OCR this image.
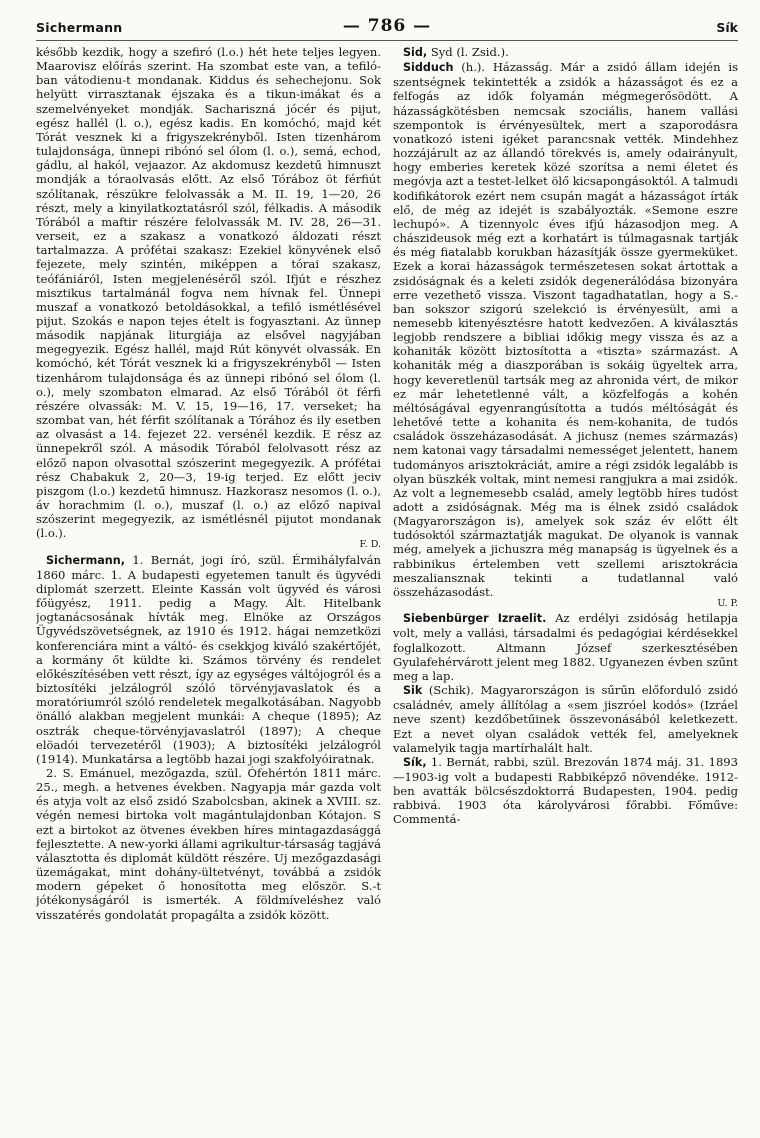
Sichermann	— 786 —	Sík

később kezdik, hogy a szefiró (l.o.) hét hete teljes legyen. Maarovisz előírás szerint. Ha szombat este van, a tefiló-ban vátodienu-t mondanak. Kiddus és sehechejonu. Sok helyütt virrasztanak éjszaka és a tikun-imákat és a szemelvényeket mondják. Sachariszná jócér és pijut, egész hallél (l. o.), egész kadis. En komóchó, majd két Tórát vesznek ki a frigyszekrényből. Isten tizenhárom tulajdonsága, ünnepi ribónó sel ólom (l. o.), semá, echod, gádlu, al hakól, vejaazor. Az akdomusz kezdetű himnuszt mondják a tóraolvasás előtt. Az első Tóráboz öt férfiút szólítanak, részükre felolvassák a M. II. 19, 1—20, 26 részt, mely a kinyilatkoztatásról szól, félkadis. A második Tórából a maftir részére felolvassák M. IV. 28, 26—31. verseit, ez a szakasz a vonatkozó áldozati részt tartalmazza. A prófétai szakasz: Ezekiel könyvének első fejezete, mely szintén, miképpen a tórai szakasz, teófániáról, Isten megjelenéséről szól. Ifjút e részhez misztikus tartalmánál fogva nem hívnak fel. Ünnepi muszaf a vonatkozó betoldásokkal, a tefiló ismétlésével pijut. Szokás e napon tejes ételt is fogyasztani. Az ünnep második napjának liturgiája az elsővel nagyjában megegyezik. Egész hallél, majd Rút könyvét olvassák. En komóchó, két Tórát vesznek ki a frigyszekrényből — Isten tizenhárom tulajdonsága és az ünnepi ribónó sel ólom (l. o.), mely szombaton elmarad. Az első Tórából öt férfi részére olvassák: M. V. 15, 19—16, 17. verseket; ha szombat van, hét férfit szólítanak a Tórához és ily esetben az olvasást a 14. fejezet 22. versénél kezdik. E rész az ünnepekről szól. A második Tóraból felolvasott rész az előző napon olvasottal szószerint megegyezik. A prófétai rész Chabakuk 2, 20—3, 19-ig terjed. Ez előtt jeciv piszgom (l.o.) kezdetű himnusz. Hazkorasz nesomos (l. o.), áv horachmim (l. o.), muszaf (l. o.) az előző napival szószerint megegyezik, az ismétlésnél pijutot mondanak (l.o.).
F. D.

Sichermann, 1. Bernát, jogi író, szül. Érmihályfalván 1860 márc. 1. A budapesti egyetemen tanult és ügyvédi diplomát szerzett. Eleinte Kassán volt ügyvéd és városi főügyész, 1911. pedig a Magy. Ált. Hitelbank jogtanácsosának hívták meg. Elnöke az Országos Ügyvédszövetségnek, az 1910 és 1912. hágai nemzetközi konferenciára mint a váltó- és csekkjog kiváló szakértőjét, a kormány őt küldte ki. Számos törvény és rendelet előkészítésében vett részt, így az egységes váltójogról és a biztosítéki jelzálogról szóló törvényjavaslatok és a moratóriumról szóló rendeletek megalkotásában. Nagyobb önálló alakban megjelent munkái: A cheque (1895); Az osztrák cheque-törvényjavaslatról (1897); A cheque elöadói tervezetéről (1903); A biztosítéki jelzálogról (1914). Munkatársa a legtöbb hazai jogi szakfolyóiratnak.

2. S. Emánuel, mezőgazda, szül. Ófehértón 1811 márc. 25., megh. a hetvenes években. Nagyapja már gazda volt és atyja volt az első zsidó Szabolcsban, akinek a XVIII. sz. végén nemesi birtoka volt magántulajdonban Kótajon. S ezt a birtokot az ötvenes években híres mintagazdasággá fejlesztette. A new-yorki állami agrikultur-társaság tagjává választotta és diplomát küldött részére. Uj mezőgazdasági üzemágakat, mint dohány-ültetvényt, továbbá a zsidók modern gépeket ő honosította meg először. S.-t jótékonyságáról is ismerték. A földmíveléshez való visszatérés gondolatát propagálta a zsidók között.

Sid, Syd (l. Zsid.).

Sidduch (h.). Házasság. Már a zsidó állam idején is szentségnek tekintették a zsidók a házasságot és ez a felfogás az idők folyamán mégmegerősödött. A házasságkötésben nemcsak szociális, hanem vallási szempontok is érvényesültek, mert a szaporodásra vonatkozó isteni igéket parancsnak vették. Mindehhez hozzájárult az az állandó törekvés is, amely odairányult, hogy emberies keretek közé szorítsa a nemi életet és megóvja azt a testet-lelket ölő kicsapongásoktól. A talmudi kodifikátorok ezért nem csupán magát a házasságot írták elő, de még az idejét is szabályozták. «Semone eszre lechupó». A tizennyolc éves ifjú házasodjon meg. A chászideusok még ezt a korhatárt is túlmagasnak tartják és még fiatalabb korukban házasítják össze gyermeküket. Ezek a korai házasságok természetesen sokat ártottak a zsidóságnak és a keleti zsidók degenerálódása bizonyára erre vezethető vissza. Viszont tagadhatatlan, hogy a S.-ban sokszor szigorú szelekció is érvényesült, ami a nemesebb kitenyésztésre hatott kedvezően. A kiválasztás legjobb rendszere a bibliai időkig megy vissza és az a kohaniták között biztosította a «tiszta» származást. A kohaniták még a diaszporában is sokáig ügyeltek arra, hogy keveretlenül tartsák meg az ahronida vért, de mikor ez már lehetetlenné vált, a közfelfogás a kohén méltóságával egyenrangúsította a tudós méltóságát és lehetővé tette a kohanita és nem-kohanita, de tudós családok összeházasodását. A jichusz (nemes származás) nem katonai vagy társadalmi nemességet jelentett, hanem tudományos arisztokráciát, amire a régi zsidók legalább is olyan büszkék voltak, mint nemesi rangjukra a mai zsidók. Az volt a legnemesebb család, amely legtöbb híres tudóst adott a zsidóságnak. Még ma is élnek zsidó családok (Magyarországon is), amelyek sok száz év előtt élt tudósoktól származtatják magukat. De olyanok is vannak még, amelyek a jichuszra még manapság is ügyelnek és a rabbinikus értelemben vett szellemi arisztokrácia meszaliansznak tekinti a tudatlannal való összeházasodást.
U. P.

Siebenbürger Izraelit. Az erdélyi zsidóság hetilapja volt, mely a vallási, társadalmi és pedagógiai kérdésekkel foglalkozott. Altmann József szerkesztésében Gyulafehérvárott jelent meg 1882. Ugyanezen évben szűnt meg a lap.

Sik (Schik). Magyarországon is sűrűn előforduló zsidó családnév, amely állítólag a «sem jiszróel kodós» (Izráel neve szent) kezdőbetűinek összevonásából keletkezett. Ezt a nevet olyan családok vették fel, amelyeknek valamelyik tagja martírhalált halt.

Sík, 1. Bernát, rabbi, szül. Brezován 1874 máj. 31. 1893—1903-ig volt a budapesti Rabbiképző növendéke. 1912-ben avatták bölcsészdoktorrá Budapesten, 1904. pedig rabbivá. 1903 óta károlyvárosi főrabbi. Főműve: Commentá-
